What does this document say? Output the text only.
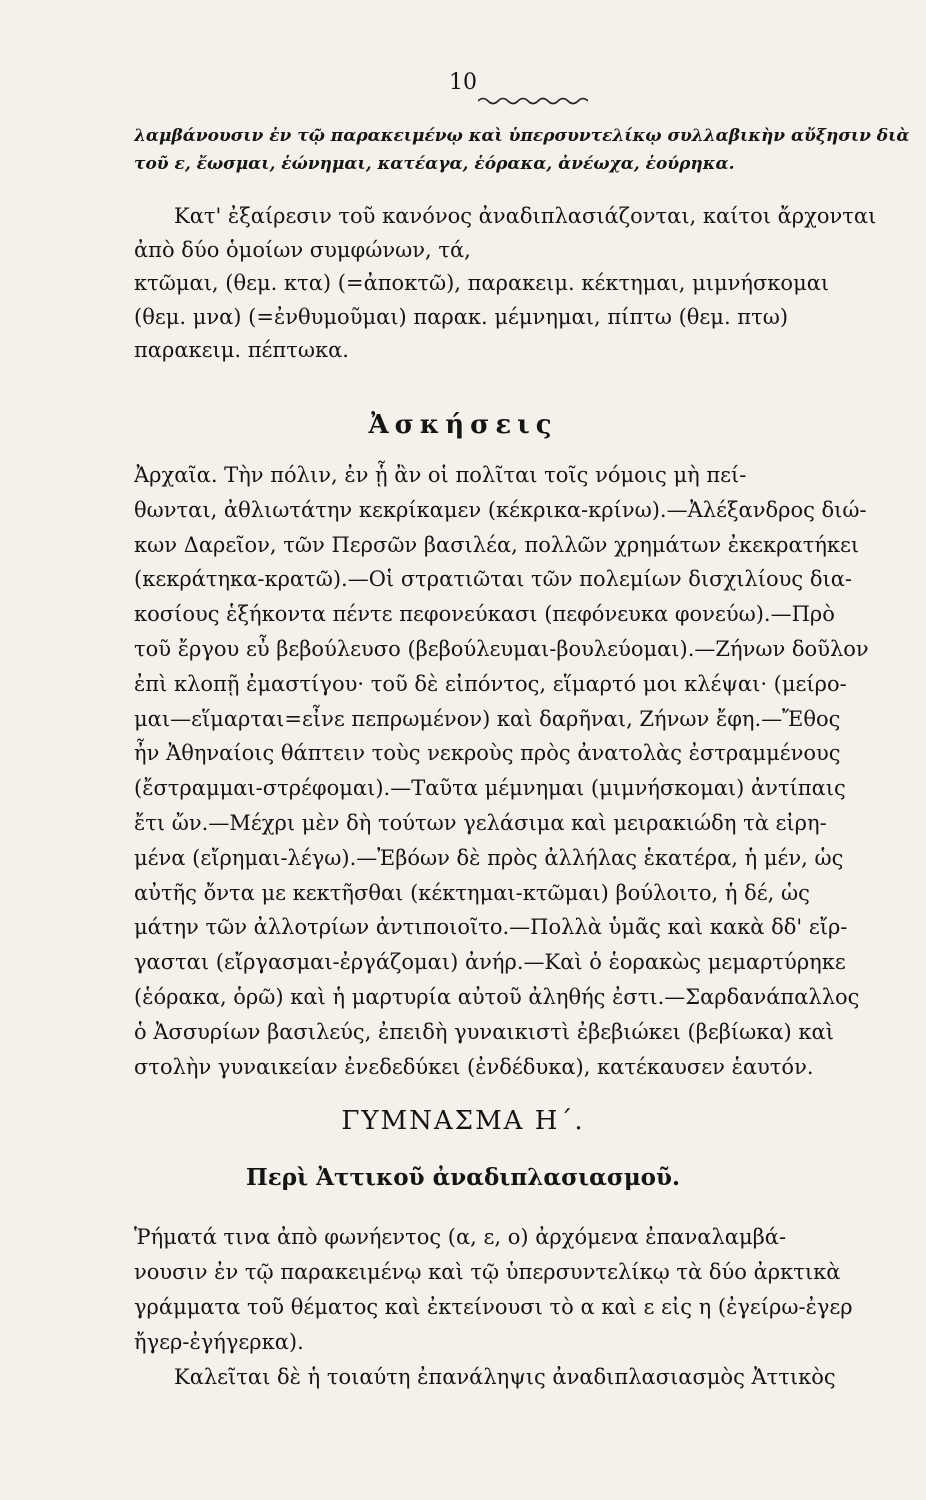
10
λαμβάνουσιν ἐν τῷ παρακειμένῳ καὶ ὑπερσυντελίκῳ συλλαβικὴν αὔξησιν διὰ
τοῦ ε, ἔωσμαι, ἑώνημαι, κατέαγα, ἑόρακα, ἀνέωχα, ἑούρηκα.
Κατ' ἐξαίρεσιν τοῦ κανόνος ἀναδιπλασιάζονται, καίτοι ἄρχονται
ἀπὸ δύο ὁμοίων συμφώνων, τά,
κτῶμαι, (θεμ. κτα) (=ἀποκτῶ), παρακειμ. κέκτημαι, μιμνήσκομαι
(θεμ. μνα) (=ἐνθυμοῦμαι) παρακ. μέμνημαι, πίπτω (θεμ. πτω)
παρακειμ. πέπτωκα.
Ἀσκήσεις
Ἀρχαῖα. Τὴν πόλιν, ἐν ᾗ ἂν οἱ πολῖται τοῖς νόμοις μὴ πεί-
θωνται, ἀθλιωτάτην κεκρίκαμεν (κέκρικα-κρίνω).—Ἀλέξανδρος διώ-
κων Δαρεῖον, τῶν Περσῶν βασιλέα, πολλῶν χρημάτων ἐκεκρατήκει
(κεκράτηκα-κρατῶ).—Οἱ στρατιῶται τῶν πολεμίων δισχιλίους δια-
κοσίους ἑξήκοντα πέντε πεφονεύκασι (πεφόνευκα φονεύω).—Πρὸ
τοῦ ἔργου εὖ βεβούλευσο (βεβούλευμαι-βουλεύομαι).—Ζήνων δοῦλον
ἐπὶ κλοπῇ ἐμαστίγου· τοῦ δὲ εἰπόντος, εἵμαρτό μοι κλέψαι· (μείρο-
μαι—εἵμαρται=εἶνε πεπρωμένον) καὶ δαρῆναι, Ζήνων ἔφη.—Ἔθος
ἦν Ἀθηναίοις θάπτειν τοὺς νεκροὺς πρὸς ἀνατολὰς ἐστραμμένους
(ἔστραμμαι-στρέφομαι).—Ταῦτα μέμνημαι (μιμνήσκομαι) ἀντίπαις
ἔτι ὤν.—Μέχρι μὲν δὴ τούτων γελάσιμα καὶ μειρακιώδη τὰ εἰρη-
μένα (εἴρημαι-λέγω).—Ἐβόων δὲ πρὸς ἀλλήλας ἑκατέρα, ἡ μέν, ὡς
αὐτῆς ὄντα με κεκτῆσθαι (κέκτημαι-κτῶμαι) βούλοιτο, ἡ δέ, ὡς
μάτην τῶν ἀλλοτρίων ἀντιποιοῖτο.—Πολλὰ ὑμᾶς καὶ κακὰ δδ' εἴρ-
γασται (εἴργασμαι-ἐργάζομαι) ἀνήρ.—Καὶ ὁ ἑορακὼς μεμαρτύρηκε
(ἑόρακα, ὁρῶ) καὶ ἡ μαρτυρία αὐτοῦ ἀληθής ἐστι.—Σαρδανάπαλλος
ὁ Ἀσσυρίων βασιλεύς, ἐπειδὴ γυναικιστὶ ἐβεβιώκει (βεβίωκα) καὶ
στολὴν γυναικείαν ἐνεδεδύκει (ἐνδέδυκα), κατέκαυσεν ἑαυτόν.
ΓΥΜΝΑΣΜΑ Η΄.
Περὶ Ἀττικοῦ ἀναδιπλασιασμοῦ.
Ῥήματά τινα ἀπὸ φωνήεντος (α, ε, ο) ἀρχόμενα ἐπαναλαμβά-
νουσιν ἐν τῷ παρακειμένῳ καὶ τῷ ὑπερσυντελίκῳ τὰ δύο ἀρκτικὰ
γράμματα τοῦ θέματος καὶ ἐκτείνουσι τὸ α καὶ ε εἰς η (ἐγείρω-ἐγερ
ἤγερ-ἐγήγερκα).
Καλεῖται δὲ ἡ τοιαύτη ἐπανάληψις ἀναδιπλασιασμὸς Ἀττικὸς
